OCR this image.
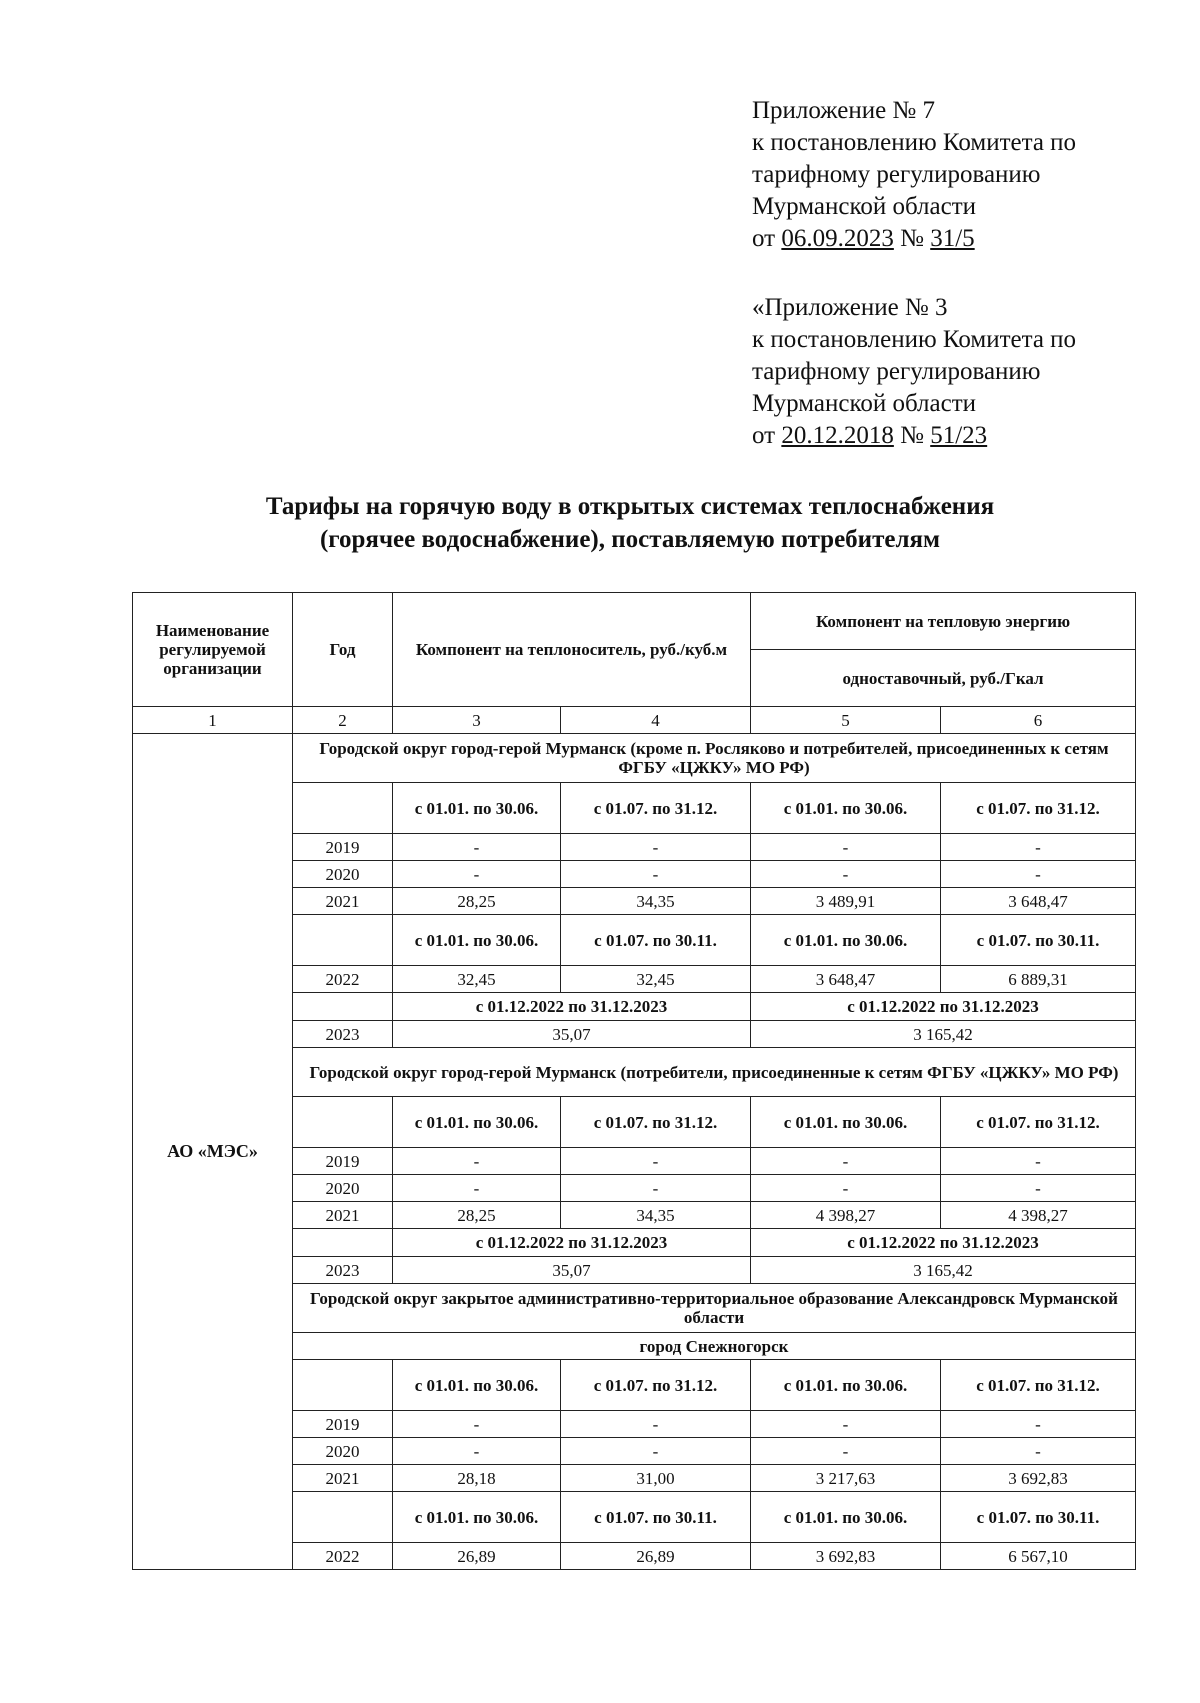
Приложение № 7
к постановлению Комитета по
тарифному регулированию
Мурманской области
от 06.09.2023 № 31/5
«Приложение № 3
к постановлению Комитета по
тарифному регулированию
Мурманской области
от 20.12.2018 № 51/23
Тарифы на горячую воду в открытых системах теплоснабжения
(горячее водоснабжение), поставляемую потребителям
Наименование регулируемой организации	Год	Компонент на теплоноситель, руб./куб.м		Компонент на тепловую энергию	
				одноставочный, руб./Гкал	
1	2	3	4	5	6
АО «МЭС»	Городской округ город-герой Мурманск (кроме п. Росляково и потребителей, присоединенных к сетям ФГБУ «ЦЖКУ» МО РФ)				
		с 01.01. по 30.06.	с 01.07. по 31.12.	с 01.01. по 30.06.	с 01.07. по 31.12.
	2019	-	-	-	-
	2020	-	-	-	-
	2021	28,25	34,35	3 489,91	3 648,47
		с 01.01. по 30.06.	с 01.07. по 30.11.	с 01.01. по 30.06.	с 01.07. по 30.11.
	2022	32,45	32,45	3 648,47	6 889,31
		с 01.12.2022 по 31.12.2023		с 01.12.2022 по 31.12.2023	
	2023	35,07		3 165,42	
	Городской округ город-герой Мурманск (потребители, присоединенные к сетям ФГБУ «ЦЖКУ» МО РФ)				
		с 01.01. по 30.06.	с 01.07. по 31.12.	с 01.01. по 30.06.	с 01.07. по 31.12.
	2019	-	-	-	-
	2020	-	-	-	-
	2021	28,25	34,35	4 398,27	4 398,27
		с 01.12.2022 по 31.12.2023		с 01.12.2022 по 31.12.2023	
	2023	35,07		3 165,42	
	Городской округ закрытое административно-территориальное образование Александровск Мурманской области				
	город Снежногорск				
		с 01.01. по 30.06.	с 01.07. по 31.12.	с 01.01. по 30.06.	с 01.07. по 31.12.
	2019	-	-	-	-
	2020	-	-	-	-
	2021	28,18	31,00	3 217,63	3 692,83
		с 01.01. по 30.06.	с 01.07. по 30.11.	с 01.01. по 30.06.	с 01.07. по 30.11.
	2022	26,89	26,89	3 692,83	6 567,10
